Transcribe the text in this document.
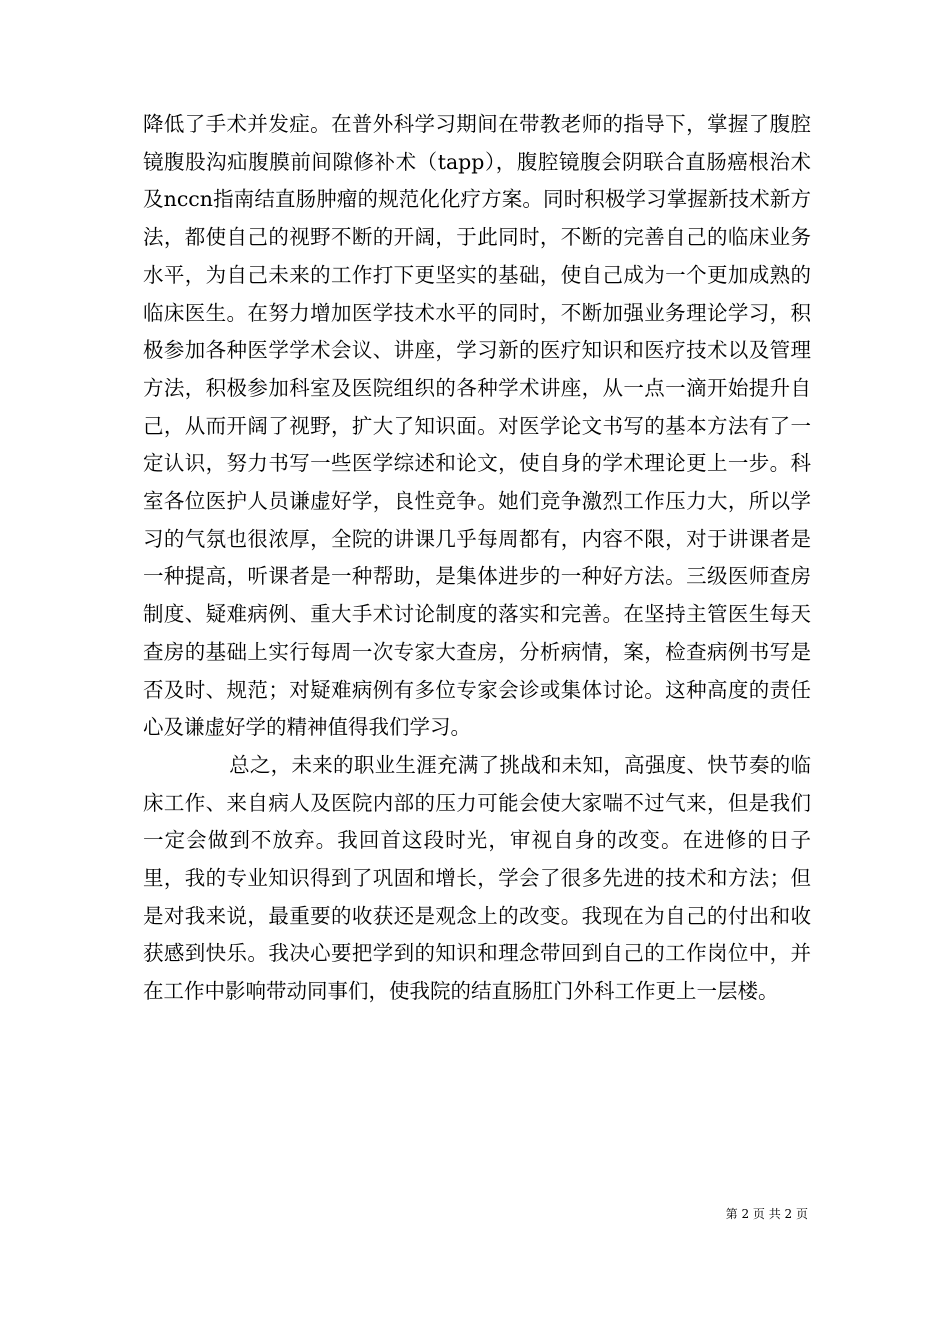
降低了手术并发症。在普外科学习期间在带教老师的指导下，掌握了腹腔镜腹股沟疝腹膜前间隙修补术（tapp），腹腔镜腹会阴联合直肠癌根治术及nccn指南结直肠肿瘤的规范化化疗方案。同时积极学习掌握新技术新方法，都使自己的视野不断的开阔，于此同时，不断的完善自己的临床业务水平，为自己未来的工作打下更坚实的基础，使自己成为一个更加成熟的临床医生。在努力增加医学技术水平的同时，不断加强业务理论学习，积极参加各种医学学术会议、讲座，学习新的医疗知识和医疗技术以及管理方法，积极参加科室及医院组织的各种学术讲座，从一点一滴开始提升自己，从而开阔了视野，扩大了知识面。对医学论文书写的基本方法有了一定认识，努力书写一些医学综述和论文，使自身的学术理论更上一步。科室各位医护人员谦虚好学，良性竞争。她们竞争激烈工作压力大，所以学习的气氛也很浓厚，全院的讲课几乎每周都有，内容不限，对于讲课者是一种提高，听课者是一种帮助，是集体进步的一种好方法。三级医师查房制度、疑难病例、重大手术讨论制度的落实和完善。在坚持主管医生每天查房的基础上实行每周一次专家大查房，分析病情，案，检查病例书写是否及时、规范；对疑难病例有多位专家会诊或集体讨论。这种高度的责任心及谦虚好学的精神值得我们学习。

总之，未来的职业生涯充满了挑战和未知，高强度、快节奏的临床工作、来自病人及医院内部的压力可能会使大家喘不过气来，但是我们一定会做到不放弃。我回首这段时光，审视自身的改变。在进修的日子里，我的专业知识得到了巩固和增长，学会了很多先进的技术和方法；但是对我来说，最重要的收获还是观念上的改变。我现在为自己的付出和收获感到快乐。我决心要把学到的知识和理念带回到自己的工作岗位中，并在工作中影响带动同事们，使我院的结直肠肛门外科工作更上一层楼。

第 2 页 共 2 页
